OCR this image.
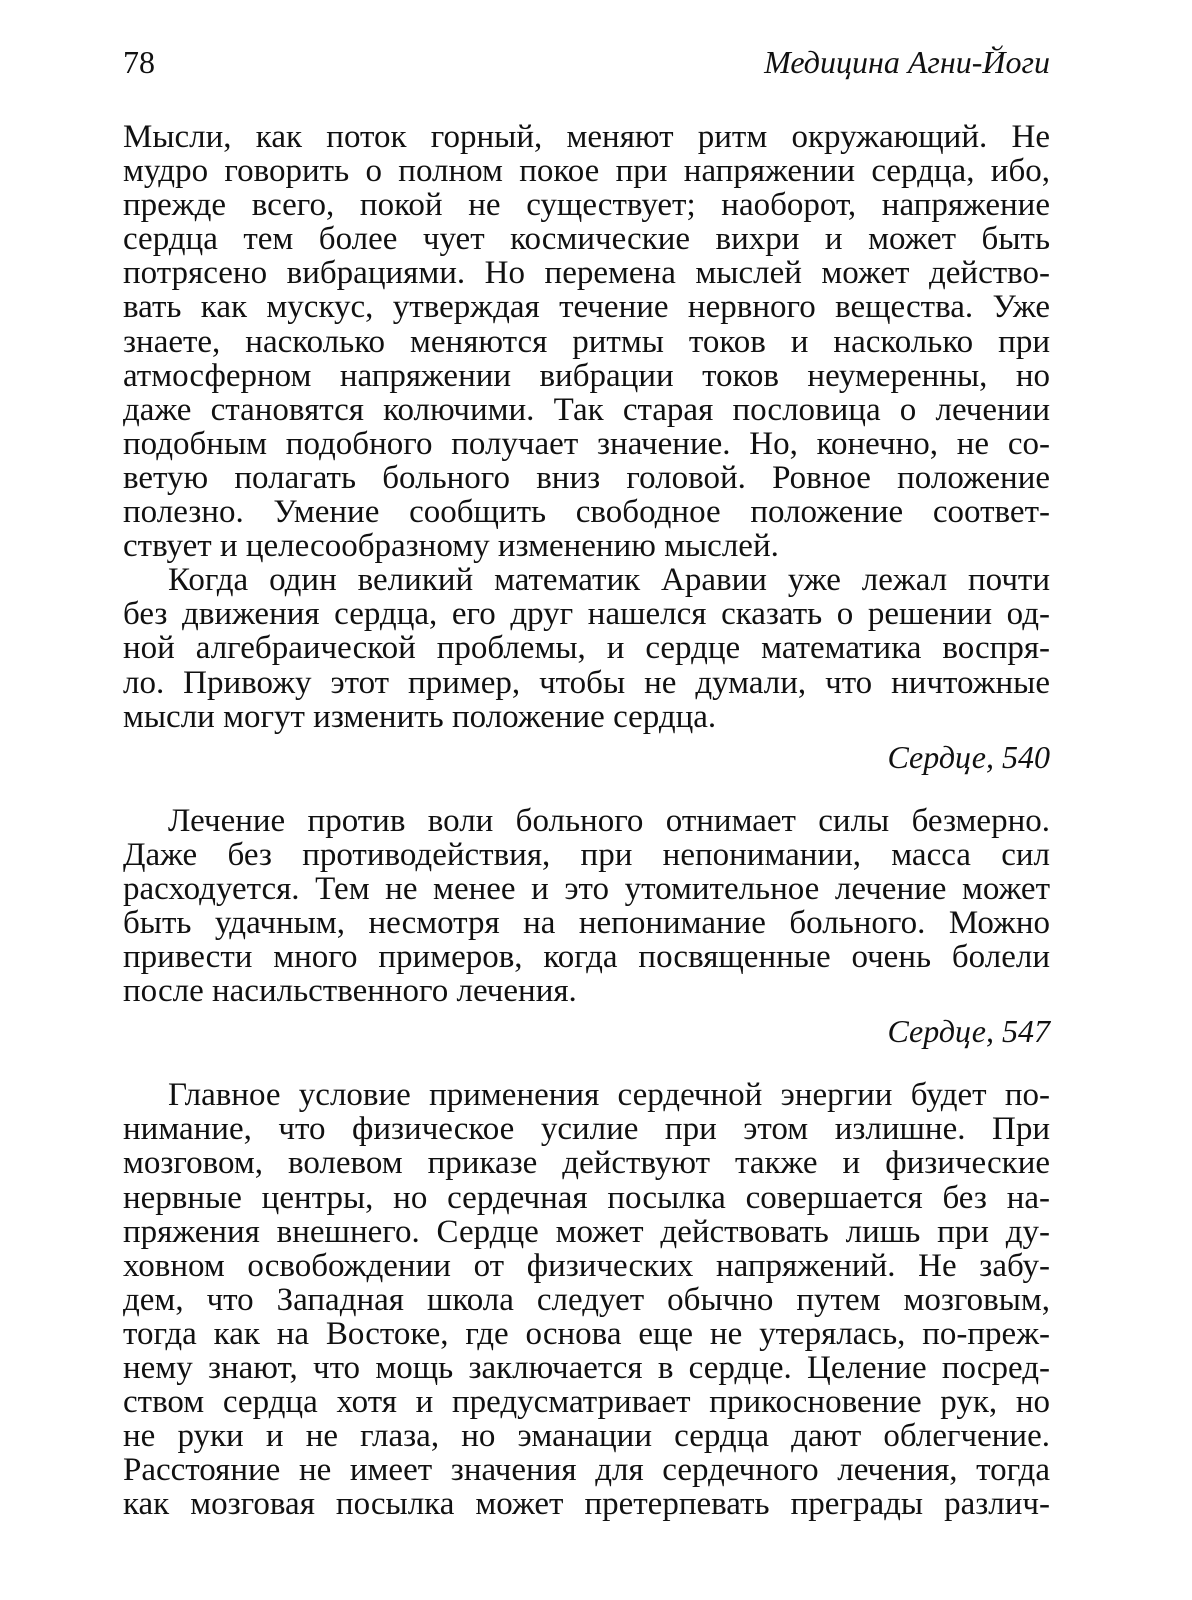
78	Медицина Агни-Йоги

Мысли, как поток горный, меняют ритм окружающий. Не
мудро говорить о полном покое при напряжении сердца, ибо,
прежде всего, покой не существует; наоборот, напряжение
сердца тем более чует космические вихри и может быть
потрясено вибрациями. Но перемена мыслей может действо-
вать как мускус, утверждая течение нервного вещества. Уже
знаете, насколько меняются ритмы токов и насколько при
атмосферном напряжении вибрации токов неумеренны, но
даже становятся колючими. Так старая пословица о лечении
подобным подобного получает значение. Но, конечно, не со-
ветую полагать больного вниз головой. Ровное положение
полезно. Умение сообщить свободное положение соответ-
ствует и целесообразному изменению мыслей.

Когда один великий математик Аравии уже лежал почти
без движения сердца, его друг нашелся сказать о решении од-
ной алгебраической проблемы, и сердце математика воспря-
ло. Привожу этот пример, чтобы не думали, что ничтожные
мысли могут изменить положение сердца.

Сердце, 540

Лечение против воли больного отнимает силы безмерно.
Даже без противодействия, при непонимании, масса сил
расходуется. Тем не менее и это утомительное лечение может
быть удачным, несмотря на непонимание больного. Можно
привести много примеров, когда посвященные очень болели
после насильственного лечения.

Сердце, 547

Главное условие применения сердечной энергии будет по-
нимание, что физическое усилие при этом излишне. При
мозговом, волевом приказе действуют также и физические
нервные центры, но сердечная посылка совершается без на-
пряжения внешнего. Сердце может действовать лишь при ду-
ховном освобождении от физических напряжений. Не забу-
дем, что Западная школа следует обычно путем мозговым,
тогда как на Востоке, где основа еще не утерялась, по-преж-
нему знают, что мощь заключается в сердце. Целение посред-
ством сердца хотя и предусматривает прикосновение рук, но
не руки и не глаза, но эманации сердца дают облегчение.
Расстояние не имеет значения для сердечного лечения, тогда
как мозговая посылка может претерпевать преграды различ-
